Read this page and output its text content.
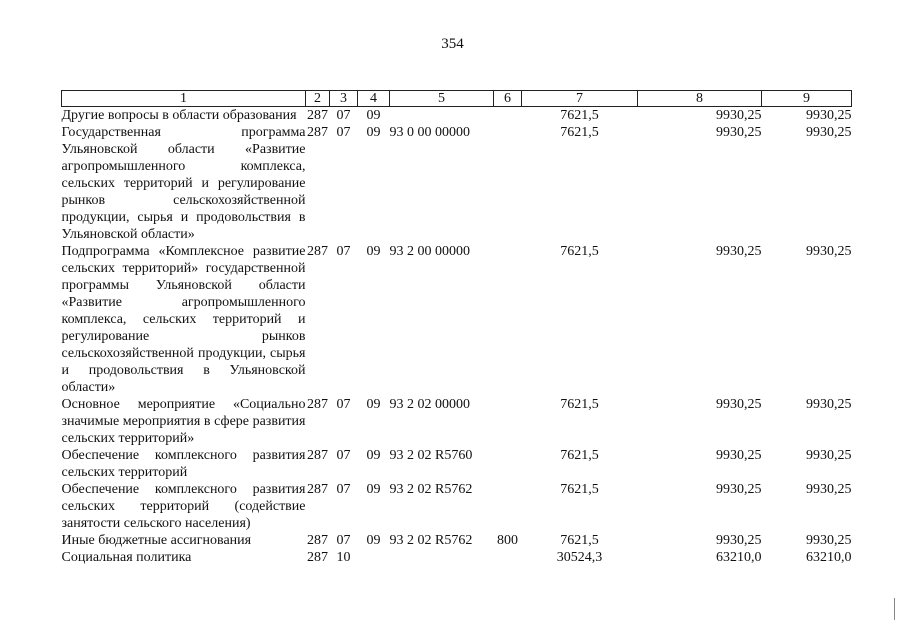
354
1	2	3	4	5	6	7	8	9
Другие вопросы в области образования	287	07	09			7621,5	9930,25	9930,25
Государственная программа Ульяновской области «Развитие агропромышленного комплекса, сельских территорий и регулирование рынков сельскохозяйственной продукции, сырья и продовольствия в Ульяновской области»	287	07	09	93 0 00 00000		7621,5	9930,25	9930,25
Подпрограмма «Комплексное развитие сельских территорий» государственной программы Ульяновской области «Развитие агропромышленного комплекса, сельских территорий и регулирование рынков сельскохозяйственной продукции, сырья и продовольствия в Ульяновской области»	287	07	09	93 2 00 00000		7621,5	9930,25	9930,25
Основное мероприятие «Социально значимые мероприятия в сфере развития сельских территорий»	287	07	09	93 2 02 00000		7621,5	9930,25	9930,25
Обеспечение комплексного развития сельских территорий	287	07	09	93 2 02 R5760		7621,5	9930,25	9930,25
Обеспечение комплексного развития сельских территорий (содействие занятости сельского населения)	287	07	09	93 2 02 R5762		7621,5	9930,25	9930,25
Иные бюджетные ассигнования	287	07	09	93 2 02 R5762	800	7621,5	9930,25	9930,25
Социальная политика	287	10				30524,3	63210,0	63210,0
